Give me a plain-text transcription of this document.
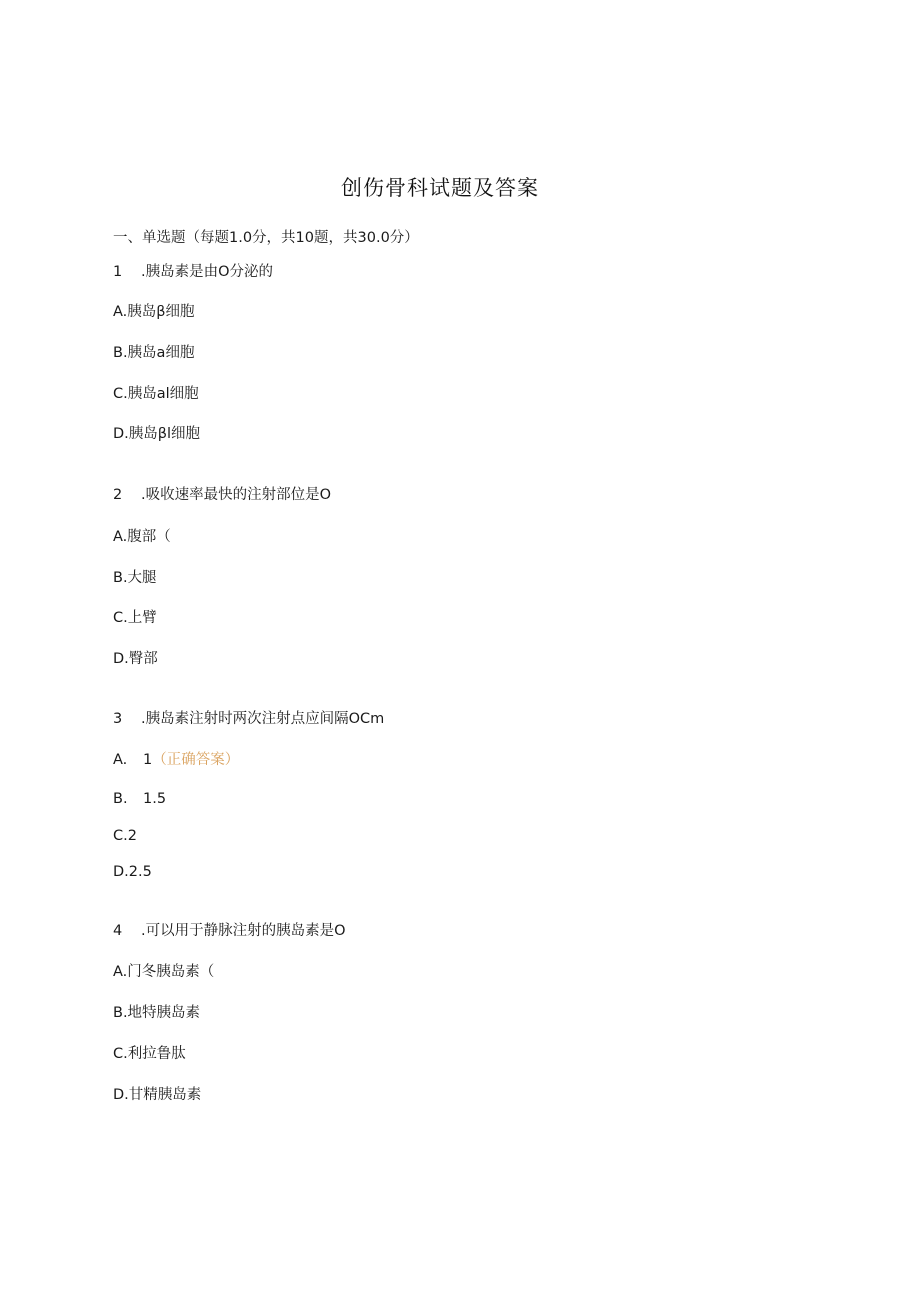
创伤骨科试题及答案
一、单选题（每题1.0分，共10题，共30.0分）
1 .胰岛素是由O分泌的
A.胰岛β细胞
B.胰岛a细胞
C.胰岛al细胞
D.胰岛βl细胞
2 .吸收速率最快的注射部位是O
A.腹部（
B.大腿
C.上臂
D.臀部
3 .胰岛素注射时两次注射点应间隔OCm
A. 1（正确答案）
B. 1.5
C.2
D.2.5
4 .可以用于静脉注射的胰岛素是O
A.门冬胰岛素（
B.地特胰岛素
C.利拉鲁肽
D.甘精胰岛素
